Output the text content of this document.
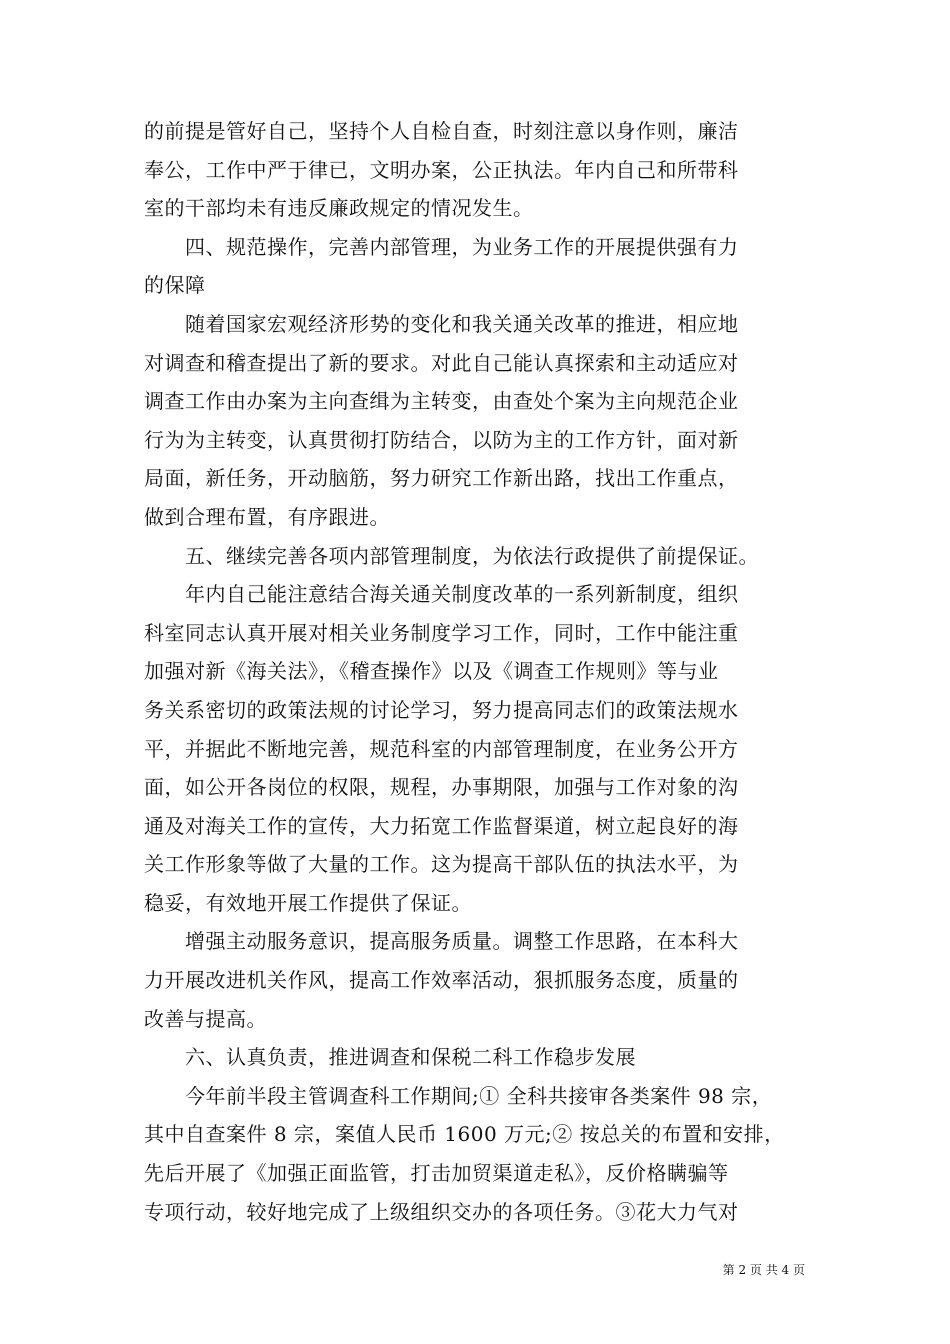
的前提是管好自己，坚持个人自检自查，时刻注意以身作则，廉洁
奉公，工作中严于律已，文明办案，公正执法。年内自己和所带科
室的干部均未有违反廉政规定的情况发生。

　　四、规范操作，完善内部管理，为业务工作的开展提供强有力
的保障

　　随着国家宏观经济形势的变化和我关通关改革的推进，相应地
对调查和稽查提出了新的要求。对此自己能认真探索和主动适应对
调查工作由办案为主向查缉为主转变，由查处个案为主向规范企业
行为为主转变，认真贯彻打防结合，以防为主的工作方针，面对新
局面，新任务，开动脑筋，努力研究工作新出路，找出工作重点，
做到合理布置，有序跟进。

　　五、继续完善各项内部管理制度，为依法行政提供了前提保证。

　　年内自己能注意结合海关通关制度改革的一系列新制度，组织
科室同志认真开展对相关业务制度学习工作，同时，工作中能注重
加强对新《海关法》，《稽查操作》以及《调查工作规则》等与业
务关系密切的政策法规的讨论学习，努力提高同志们的政策法规水
平，并据此不断地完善，规范科室的内部管理制度，在业务公开方
面，如公开各岗位的权限，规程，办事期限，加强与工作对象的沟
通及对海关工作的宣传，大力拓宽工作监督渠道，树立起良好的海
关工作形象等做了大量的工作。这为提高干部队伍的执法水平，为
稳妥，有效地开展工作提供了保证。

　　增强主动服务意识，提高服务质量。调整工作思路，在本科大
力开展改进机关作风，提高工作效率活动，狠抓服务态度，质量的
改善与提高。

　　六、认真负责，推进调查和保税二科工作稳步发展

　　今年前半段主管调查科工作期间;① 全科共接审各类案件 98 宗，
其中自查案件 8 宗，案值人民币 1600 万元;② 按总关的布置和安排，
先后开展了《加强正面监管，打击加贸渠道走私》，反价格瞒骗等
专项行动，较好地完成了上级组织交办的各项任务。③花大力气对

第 2 页 共 4 页
